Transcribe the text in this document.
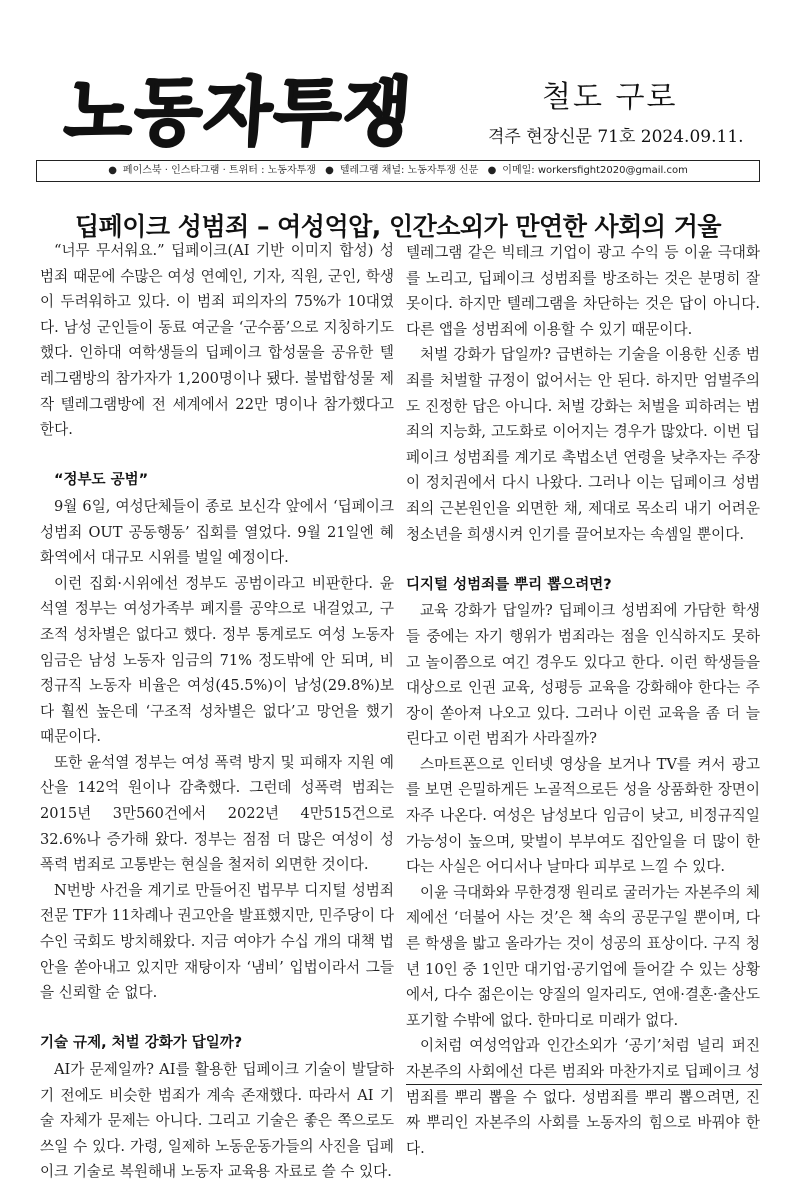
노동자투쟁	철도 구로
격주 현장신문 71호 2024.09.11.
● 페이스북 · 인스타그램 · 트위터 : 노동자투쟁 ● 텔레그램 채널: 노동자투쟁 신문 ● 이메일: workersfight2020@gmail.com
딥페이크 성범죄 – 여성억압, 인간소외가 만연한 사회의 거울

“너무 무서워요.” 딥페이크(AI 기반 이미지 합성) 성범죄 때문에 수많은 여성 연예인, 기자, 직원, 군인, 학생이 두려워하고 있다. 이 범죄 피의자의 75%가 10대였다. 남성 군인들이 동료 여군을 ‘군수품’으로 지칭하기도 했다. 인하대 여학생들의 딥페이크 합성물을 공유한 텔레그램방의 참가자가 1,200명이나 됐다. 불법합성물 제작 텔레그램방에 전 세계에서 22만 명이나 참가했다고 한다.

“정부도 공범”

9월 6일, 여성단체들이 종로 보신각 앞에서 ‘딥페이크 성범죄 OUT 공동행동’ 집회를 열었다. 9월 21일엔 혜화역에서 대규모 시위를 벌일 예정이다.

이런 집회·시위에선 정부도 공범이라고 비판한다. 윤석열 정부는 여성가족부 폐지를 공약으로 내걸었고, 구조적 성차별은 없다고 했다. 정부 통계로도 여성 노동자 임금은 남성 노동자 임금의 71% 정도밖에 안 되며, 비정규직 노동자 비율은 여성(45.5%)이 남성(29.8%)보다 훨씬 높은데 ‘구조적 성차별은 없다’고 망언을 했기 때문이다.

또한 윤석열 정부는 여성 폭력 방지 및 피해자 지원 예산을 142억 원이나 감축했다. 그런데 성폭력 범죄는 2015년 3만560건에서 2022년 4만515건으로 32.6%나 증가해 왔다. 정부는 점점 더 많은 여성이 성폭력 범죄로 고통받는 현실을 철저히 외면한 것이다.

N번방 사건을 계기로 만들어진 법무부 디지털 성범죄 전문 TF가 11차례나 권고안을 발표했지만, 민주당이 다수인 국회도 방치해왔다. 지금 여야가 수십 개의 대책 법안을 쏟아내고 있지만 재탕이자 ‘냄비’ 입법이라서 그들을 신뢰할 순 없다.

기술 규제, 처벌 강화가 답일까?

AI가 문제일까? AI를 활용한 딥페이크 기술이 발달하기 전에도 비슷한 범죄가 계속 존재했다. 따라서 AI 기술 자체가 문제는 아니다. 그리고 기술은 좋은 쪽으로도 쓰일 수 있다. 가령, 일제하 노동운동가들의 사진을 딥페이크 기술로 복원해내 노동자 교육용 자료로 쓸 수 있다.

텔레그램 같은 빅테크 기업이 광고 수익 등 이윤 극대화를 노리고, 딥페이크 성범죄를 방조하는 것은 분명히 잘못이다. 하지만 텔레그램을 차단하는 것은 답이 아니다. 다른 앱을 성범죄에 이용할 수 있기 때문이다.

처벌 강화가 답일까? 급변하는 기술을 이용한 신종 범죄를 처벌할 규정이 없어서는 안 된다. 하지만 엄벌주의도 진정한 답은 아니다. 처벌 강화는 처벌을 피하려는 범죄의 지능화, 고도화로 이어지는 경우가 많았다. 이번 딥페이크 성범죄를 계기로 촉법소년 연령을 낮추자는 주장이 정치권에서 다시 나왔다. 그러나 이는 딥페이크 성범죄의 근본원인을 외면한 채, 제대로 목소리 내기 어려운 청소년을 희생시켜 인기를 끌어보자는 속셈일 뿐이다.

디지털 성범죄를 뿌리 뽑으려면?

교육 강화가 답일까? 딥페이크 성범죄에 가담한 학생들 중에는 자기 행위가 범죄라는 점을 인식하지도 못하고 놀이쯤으로 여긴 경우도 있다고 한다. 이런 학생들을 대상으로 인권 교육, 성평등 교육을 강화해야 한다는 주장이 쏟아져 나오고 있다. 그러나 이런 교육을 좀 더 늘린다고 이런 범죄가 사라질까?

스마트폰으로 인터넷 영상을 보거나 TV를 켜서 광고를 보면 은밀하게든 노골적으로든 성을 상품화한 장면이 자주 나온다. 여성은 남성보다 임금이 낮고, 비정규직일 가능성이 높으며, 맞벌이 부부여도 집안일을 더 많이 한다는 사실은 어디서나 날마다 피부로 느낄 수 있다.

이윤 극대화와 무한경쟁 원리로 굴러가는 자본주의 체제에선 ‘더불어 사는 것’은 책 속의 공문구일 뿐이며, 다른 학생을 밟고 올라가는 것이 성공의 표상이다. 구직 청년 10인 중 1인만 대기업·공기업에 들어갈 수 있는 상황에서, 다수 젊은이는 양질의 일자리도, 연애·결혼·출산도 포기할 수밖에 없다. 한마디로 미래가 없다.

이처럼 여성억압과 인간소외가 ‘공기’처럼 널리 퍼진 자본주의 사회에선 다른 범죄와 마찬가지로 딥페이크 성범죄를 뿌리 뽑을 수 없다. 성범죄를 뿌리 뽑으려면, 진짜 뿌리인 자본주의 사회를 노동자의 힘으로 바꿔야 한다.
